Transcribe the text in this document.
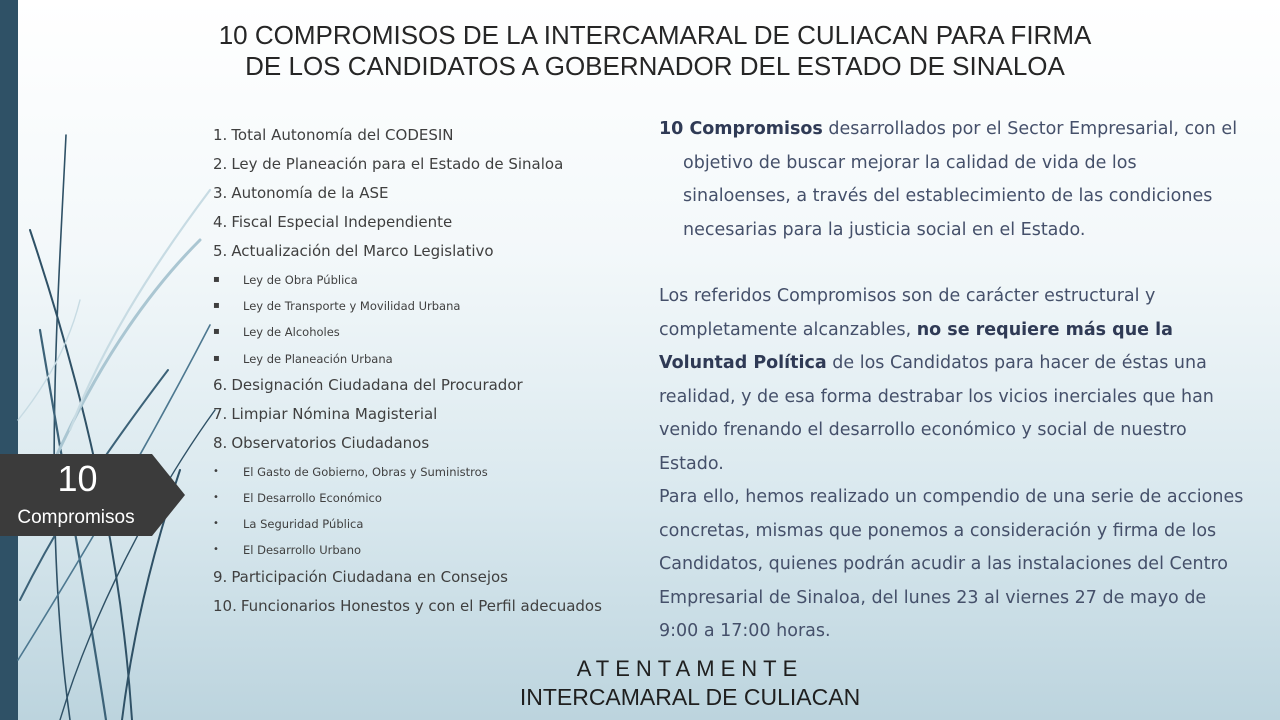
10 COMPROMISOS DE LA INTERCAMARAL DE CULIACAN PARA FIRMA
DE LOS CANDIDATOS A GOBERNADOR DEL ESTADO DE SINALOA
1. Total Autonomía del CODESIN
2. Ley de Planeación para el Estado de Sinaloa
3. Autonomía de la ASE
4. Fiscal Especial Independiente
5. Actualización del Marco Legislativo
▪	Ley de Obra Pública
▪	Ley de Transporte y Movilidad Urbana
▪	Ley de Alcoholes
▪	Ley de Planeación Urbana
6. Designación Ciudadana del Procurador
7. Limpiar Nómina Magisterial
8. Observatorios Ciudadanos
•	El Gasto de Gobierno, Obras y Suministros
•	El Desarrollo Económico
•	La Seguridad Pública
•	El Desarrollo Urbano
9. Participación Ciudadana en Consejos
10. Funcionarios Honestos y con el Perfil adecuados

10 Compromisos desarrollados por el Sector Empresarial, con el objetivo de buscar mejorar la calidad de vida de los sinaloenses, a través del establecimiento de las condiciones necesarias para la justicia social en el Estado.

Los referidos Compromisos son de carácter estructural y completamente alcanzables, no se requiere más que la Voluntad Política de los Candidatos para hacer de éstas una realidad, y de esa forma destrabar los vicios inerciales que han venido frenando el desarrollo económico y social de nuestro Estado.

Para ello, hemos realizado un compendio de una serie de acciones concretas, mismas que ponemos a consideración y firma de los Candidatos, quienes podrán acudir a las instalaciones del Centro Empresarial de Sinaloa, del lunes 23 al viernes 27 de mayo de 9:00 a 17:00 horas.

10
Compromisos
ATENTAMENTE
INTERCAMARAL DE CULIACAN
